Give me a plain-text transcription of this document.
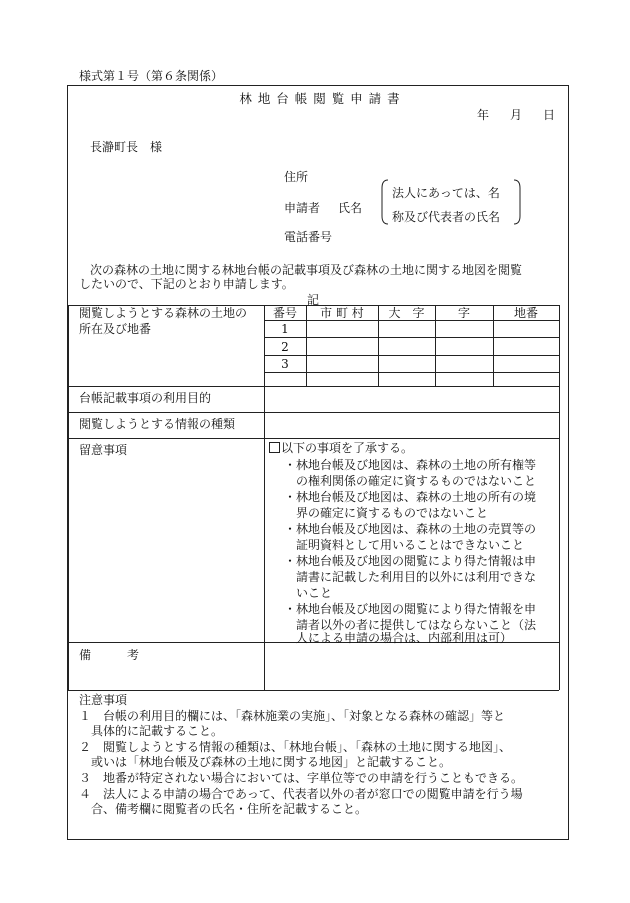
様式第１号（第６条関係）
林 地 台 帳 閲 覧 申 請 書
年 月 日
長瀞町長　様
住所
申請者 氏名
法人にあっては、名
称及び代表者の氏名
電話番号
次の森林の土地に関する林地台帳の記載事項及び森林の土地に関する地図を閲覧
したいので、下記のとおり申請します。
記
閲覧しようとする森林の土地の
所在及び地番
番号	市 町 村	大　字	字	地番
1
2
3
台帳記載事項の利用目的
閲覧しようとする情報の種類
留意事項	以下の事項を了承する。
・林地台帳及び地図は、森林の土地の所有権等
　の権利関係の確定に資するものではないこと
・林地台帳及び地図は、森林の土地の所有の境
　界の確定に資するものではないこと
・林地台帳及び地図は、森林の土地の売買等の
　証明資料として用いることはできないこと
・林地台帳及び地図の閲覧により得た情報は申
　請書に記載した利用目的以外には利用できな
　いこと
・林地台帳及び地図の閲覧により得た情報を申
　請者以外の者に提供してはならないこと（法
　人による申請の場合は、内部利用は可）
備　　　考
注意事項
１　台帳の利用目的欄には、「森林施業の実施」、「対象となる森林の確認」等と
　具体的に記載すること。
２　閲覧しようとする情報の種類は、「林地台帳」、「森林の土地に関する地図」、
　或いは「林地台帳及び森林の土地に関する地図」と記載すること。
３　地番が特定されない場合においては、字単位等での申請を行うこともできる。
４　法人による申請の場合であって、代表者以外の者が窓口での閲覧申請を行う場
　合、備考欄に閲覧者の氏名・住所を記載すること。
